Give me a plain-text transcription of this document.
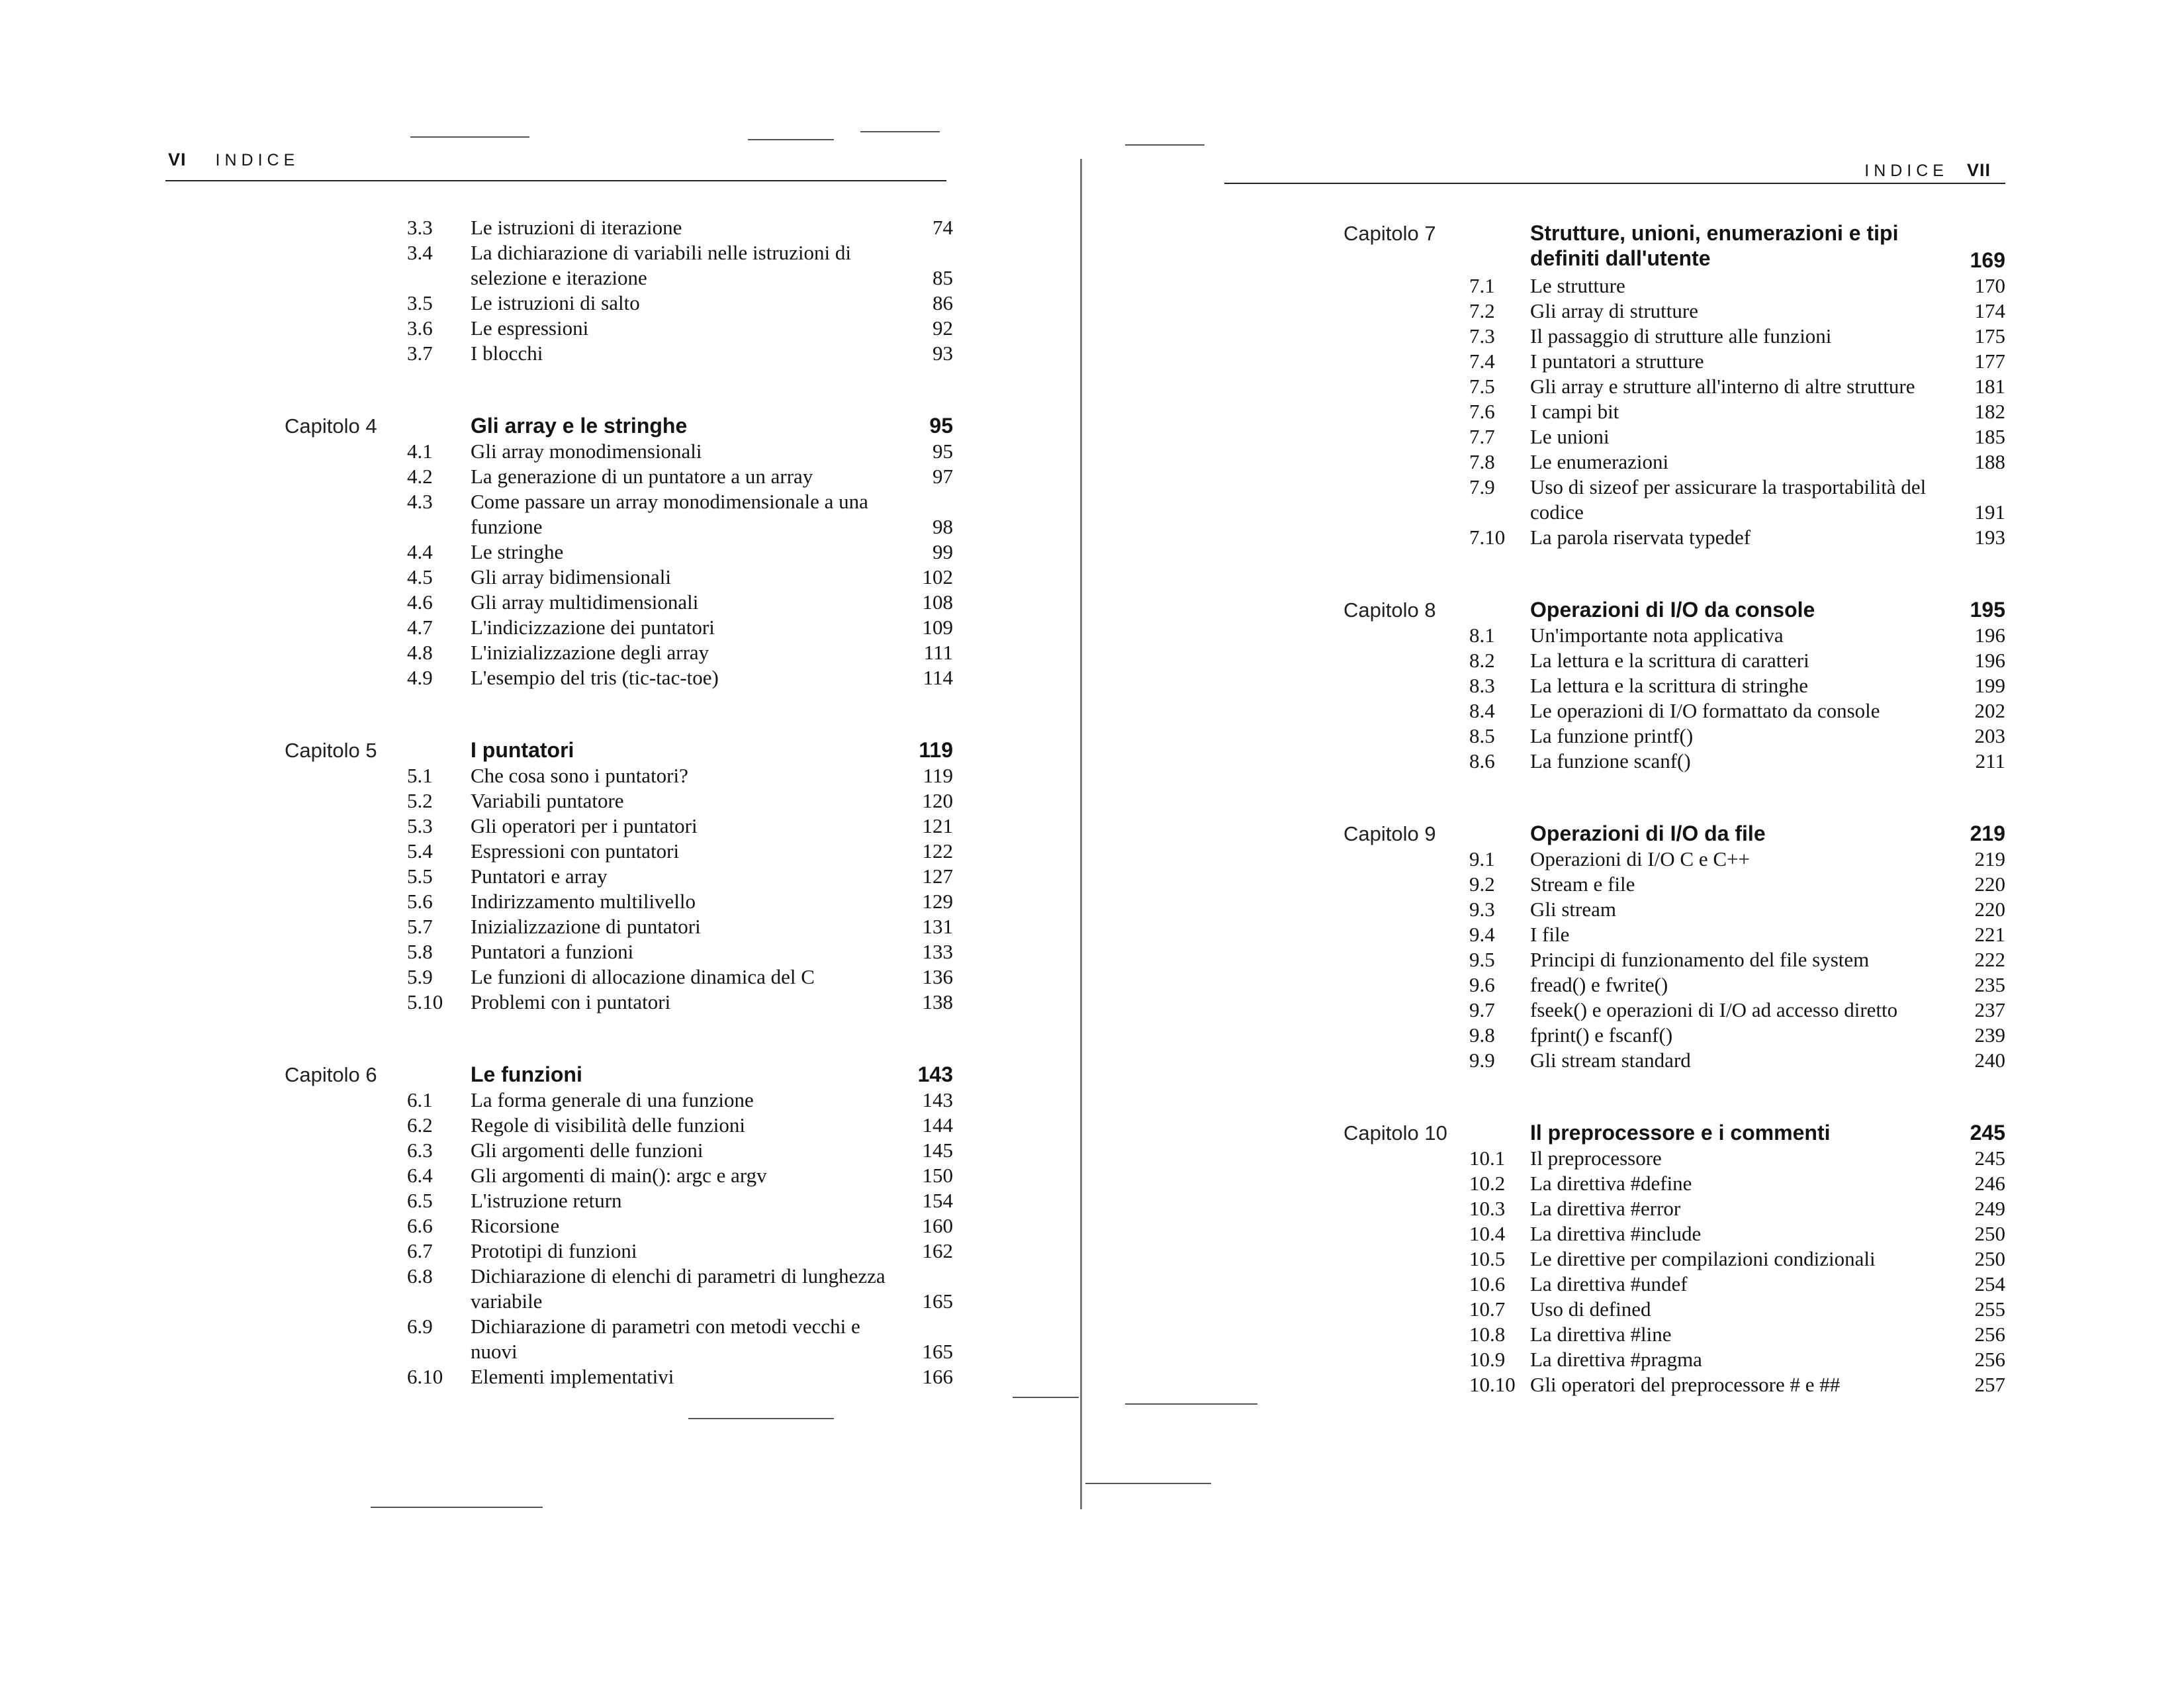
VI INDICE
3.3	Le istruzioni di iterazione	74
3.4	La dichiarazione di variabili nelle istruzioni di selezione e iterazione	85
3.5	Le istruzioni di salto	86
3.6	Le espressioni	92
3.7	I blocchi	93
Capitolo 4	Gli array e le stringhe	95
4.1	Gli array monodimensionali	95
4.2	La generazione di un puntatore a un array	97
4.3	Come passare un array monodimensionale a una funzione	98
4.4	Le stringhe	99
4.5	Gli array bidimensionali	102
4.6	Gli array multidimensionali	108
4.7	L'indicizzazione dei puntatori	109
4.8	L'inizializzazione degli array	111
4.9	L'esempio del tris (tic-tac-toe)	114
Capitolo 5	I puntatori	119
5.1	Che cosa sono i puntatori?	119
5.2	Variabili puntatore	120
5.3	Gli operatori per i puntatori	121
5.4	Espressioni con puntatori	122
5.5	Puntatori e array	127
5.6	Indirizzamento multilivello	129
5.7	Inizializzazione di puntatori	131
5.8	Puntatori a funzioni	133
5.9	Le funzioni di allocazione dinamica del C	136
5.10	Problemi con i puntatori	138
Capitolo 6	Le funzioni	143
6.1	La forma generale di una funzione	143
6.2	Regole di visibilità delle funzioni	144
6.3	Gli argomenti delle funzioni	145
6.4	Gli argomenti di main(): argc e argv	150
6.5	L'istruzione return	154
6.6	Ricorsione	160
6.7	Prototipi di funzioni	162
6.8	Dichiarazione di elenchi di parametri di lunghezza variabile	165
6.9	Dichiarazione di parametri con metodi vecchi e nuovi	165
6.10	Elementi implementativi	166
INDICE VII
Capitolo 7	Strutture, unioni, enumerazioni e tipi definiti dall'utente	169
7.1	Le strutture	170
7.2	Gli array di strutture	174
7.3	Il passaggio di strutture alle funzioni	175
7.4	I puntatori a strutture	177
7.5	Gli array e strutture all'interno di altre strutture	181
7.6	I campi bit	182
7.7	Le unioni	185
7.8	Le enumerazioni	188
7.9	Uso di sizeof per assicurare la trasportabilità del codice	191
7.10	La parola riservata typedef	193
Capitolo 8	Operazioni di I/O da console	195
8.1	Un'importante nota applicativa	196
8.2	La lettura e la scrittura di caratteri	196
8.3	La lettura e la scrittura di stringhe	199
8.4	Le operazioni di I/O formattato da console	202
8.5	La funzione printf()	203
8.6	La funzione scanf()	211
Capitolo 9	Operazioni di I/O da file	219
9.1	Operazioni di I/O C e C++	219
9.2	Stream e file	220
9.3	Gli stream	220
9.4	I file	221
9.5	Principi di funzionamento del file system	222
9.6	fread() e fwrite()	235
9.7	fseek() e operazioni di I/O ad accesso diretto	237
9.8	fprint() e fscanf()	239
9.9	Gli stream standard	240
Capitolo 10	Il preprocessore e i commenti	245
10.1	Il preprocessore	245
10.2	La direttiva #define	246
10.3	La direttiva #error	249
10.4	La direttiva #include	250
10.5	Le direttive per compilazioni condizionali	250
10.6	La direttiva #undef	254
10.7	Uso di defined	255
10.8	La direttiva #line	256
10.9	La direttiva #pragma	256
10.10 Gli operatori del preprocessore # e ##	257
